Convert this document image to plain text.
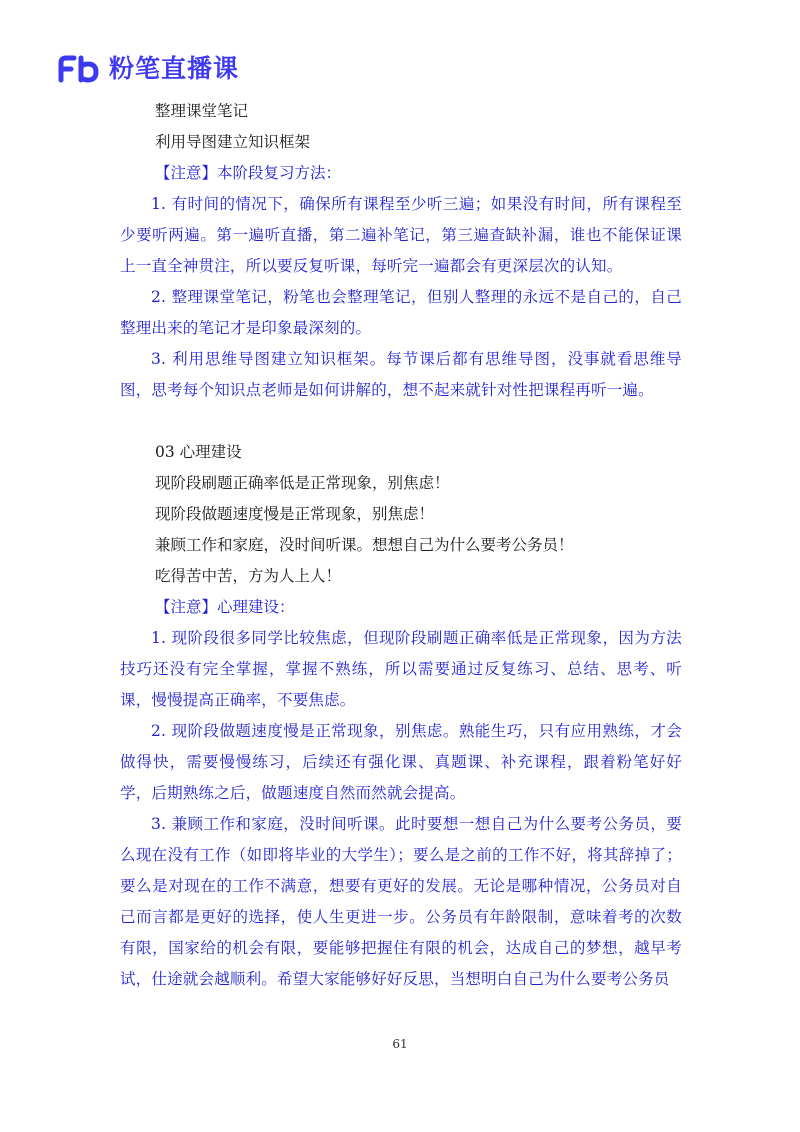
粉笔直播课
整理课堂笔记
利用导图建立知识框架
【注意】本阶段复习方法：
1. 有时间的情况下，确保所有课程至少听三遍；如果没有时间，所有课程至少要听两遍。第一遍听直播，第二遍补笔记，第三遍查缺补漏，谁也不能保证课上一直全神贯注，所以要反复听课，每听完一遍都会有更深层次的认知。
2. 整理课堂笔记，粉笔也会整理笔记，但别人整理的永远不是自己的，自己整理出来的笔记才是印象最深刻的。
3. 利用思维导图建立知识框架。每节课后都有思维导图，没事就看思维导图，思考每个知识点老师是如何讲解的，想不起来就针对性把课程再听一遍。
03 心理建设
现阶段刷题正确率低是正常现象，别焦虑！
现阶段做题速度慢是正常现象，别焦虑！
兼顾工作和家庭，没时间听课。想想自己为什么要考公务员！
吃得苦中苦，方为人上人！
【注意】心理建设：
1. 现阶段很多同学比较焦虑，但现阶段刷题正确率低是正常现象，因为方法技巧还没有完全掌握，掌握不熟练，所以需要通过反复练习、总结、思考、听课，慢慢提高正确率，不要焦虑。
2. 现阶段做题速度慢是正常现象，别焦虑。熟能生巧，只有应用熟练，才会做得快，需要慢慢练习，后续还有强化课、真题课、补充课程，跟着粉笔好好学，后期熟练之后，做题速度自然而然就会提高。
3. 兼顾工作和家庭，没时间听课。此时要想一想自己为什么要考公务员，要么现在没有工作（如即将毕业的大学生）；要么是之前的工作不好，将其辞掉了；要么是对现在的工作不满意，想要有更好的发展。无论是哪种情况，公务员对自己而言都是更好的选择，使人生更进一步。公务员有年龄限制，意味着考的次数有限，国家给的机会有限，要能够把握住有限的机会，达成自己的梦想，越早考试，仕途就会越顺利。希望大家能够好好反思，当想明白自己为什么要考公务员
61
